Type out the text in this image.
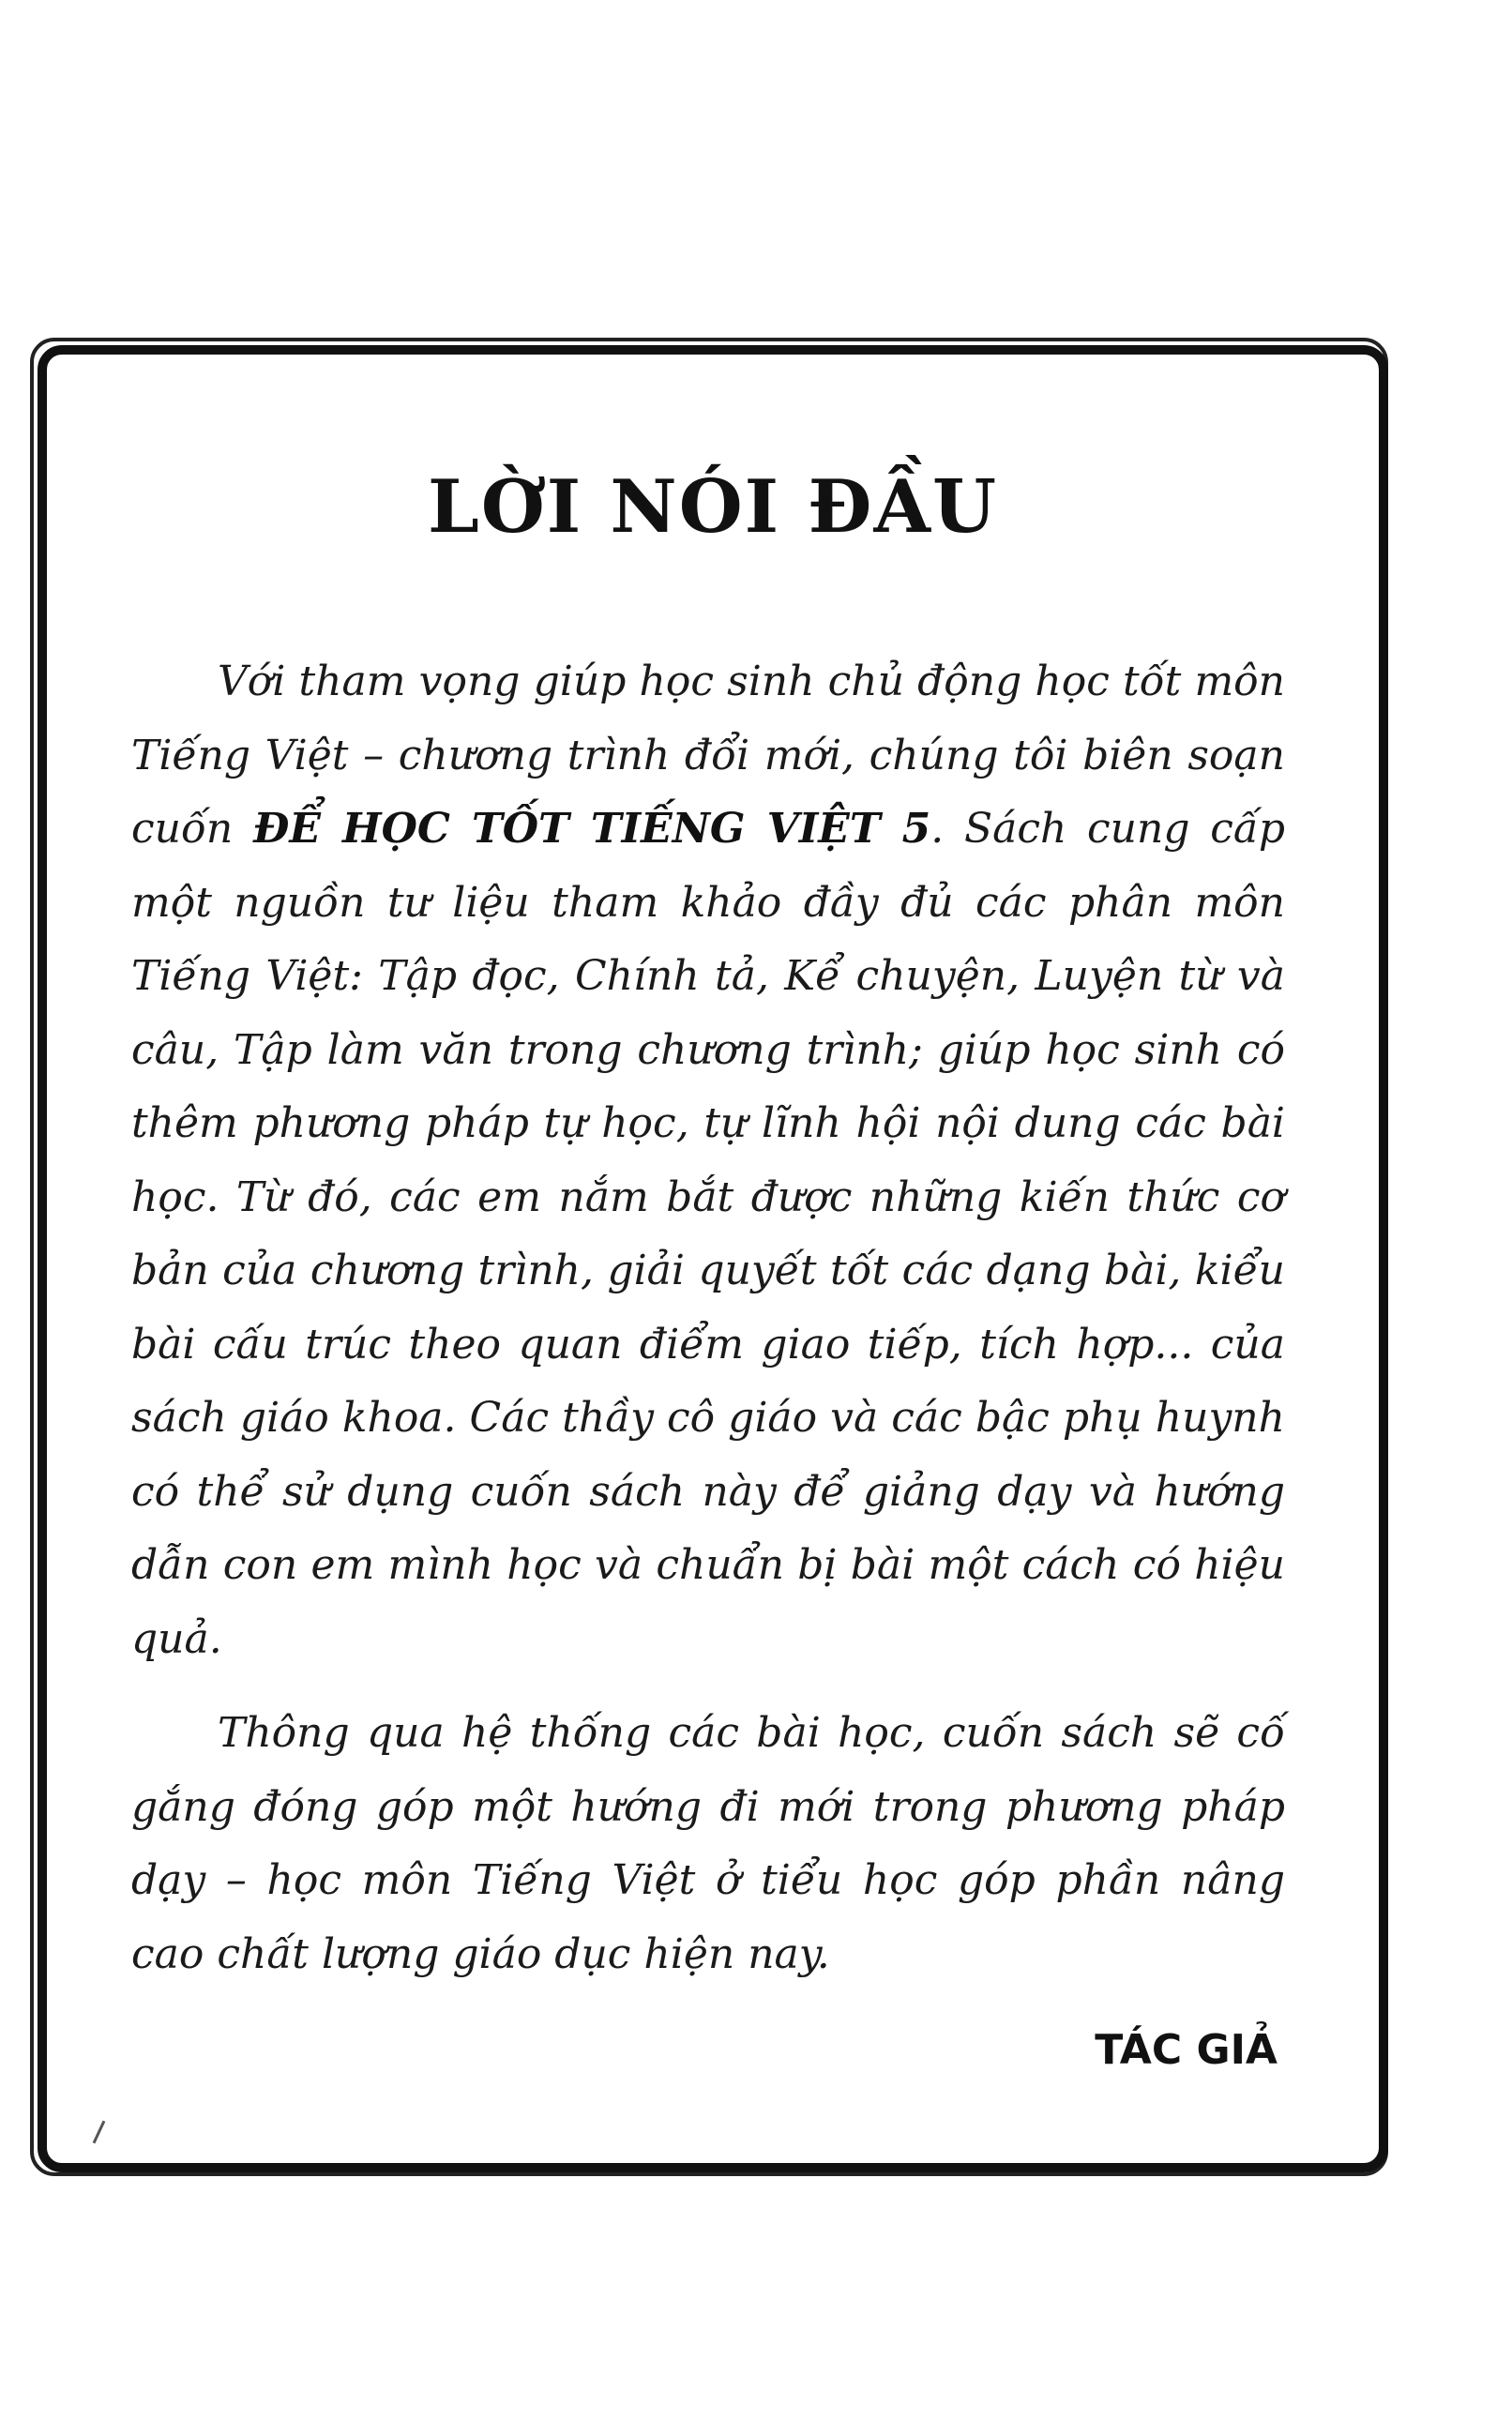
LỜI NÓI ĐẦU

Với tham vọng giúp học sinh chủ động học tốt môn Tiếng Việt – chương trình đổi mới, chúng tôi biên soạn cuốn ĐỂ HỌC TỐT TIẾNG VIỆT 5. Sách cung cấp một nguồn tư liệu tham khảo đầy đủ các phân môn Tiếng Việt: Tập đọc, Chính tả, Kể chuyện, Luyện từ và câu, Tập làm văn trong chương trình; giúp học sinh có thêm phương pháp tự học, tự lĩnh hội nội dung các bài học. Từ đó, các em nắm bắt được những kiến thức cơ bản của chương trình, giải quyết tốt các dạng bài, kiểu bài cấu trúc theo quan điểm giao tiếp, tích hợp... của sách giáo khoa. Các thầy cô giáo và các bậc phụ huynh có thể sử dụng cuốn sách này để giảng dạy và hướng dẫn con em mình học và chuẩn bị bài một cách có hiệu quả.

Thông qua hệ thống các bài học, cuốn sách sẽ cố gắng đóng góp một hướng đi mới trong phương pháp dạy – học môn Tiếng Việt ở tiểu học góp phần nâng cao chất lượng giáo dục hiện nay.

TÁC GIẢ
